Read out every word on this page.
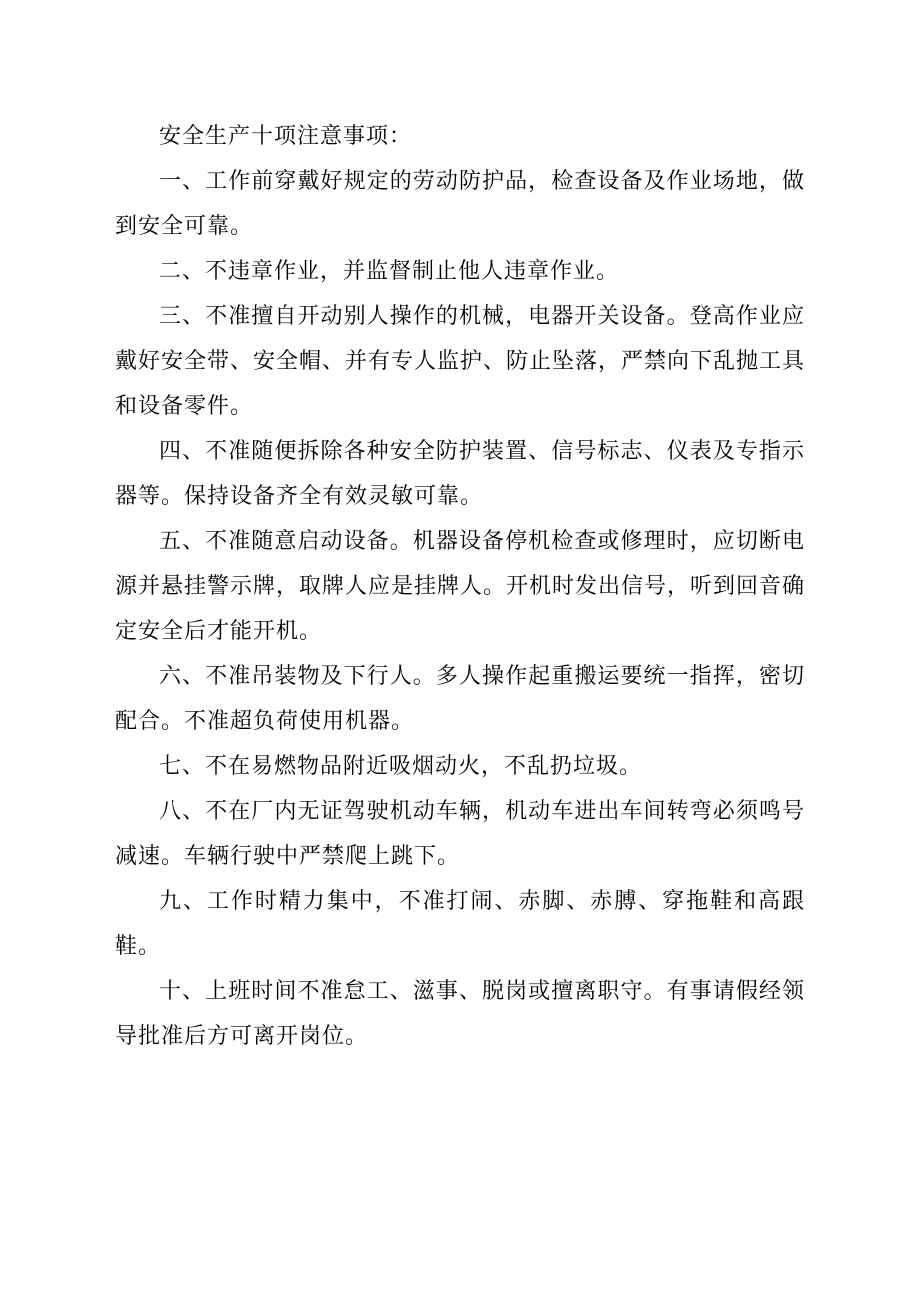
安全生产十项注意事项：

一、工作前穿戴好规定的劳动防护品，检查设备及作业场地，做到安全可靠。

二、不违章作业，并监督制止他人违章作业。

三、不准擅自开动别人操作的机械，电器开关设备。登高作业应戴好安全带、安全帽、并有专人监护、防止坠落，严禁向下乱抛工具和设备零件。

四、不准随便拆除各种安全防护装置、信号标志、仪表及专指示器等。保持设备齐全有效灵敏可靠。

五、不准随意启动设备。机器设备停机检查或修理时，应切断电源并悬挂警示牌，取牌人应是挂牌人。开机时发出信号，听到回音确定安全后才能开机。

六、不准吊装物及下行人。多人操作起重搬运要统一指挥，密切配合。不准超负荷使用机器。

七、不在易燃物品附近吸烟动火，不乱扔垃圾。

八、不在厂内无证驾驶机动车辆，机动车进出车间转弯必须鸣号减速。车辆行驶中严禁爬上跳下。

九、工作时精力集中，不准打闹、赤脚、赤膊、穿拖鞋和高跟鞋。

十、上班时间不准怠工、滋事、脱岗或擅离职守。有事请假经领导批准后方可离开岗位。
